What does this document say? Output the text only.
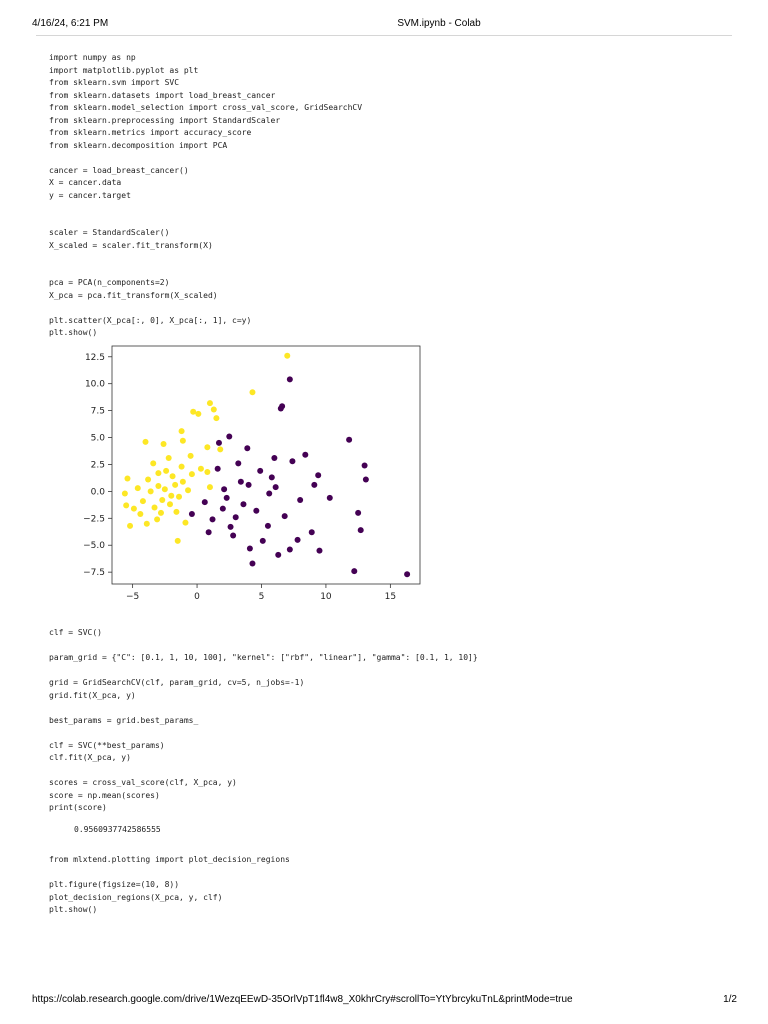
4/16/24, 6:21 PM	SVM.ipynb - Colab
import numpy as np
import matplotlib.pyplot as plt
from sklearn.svm import SVC
from sklearn.datasets import load_breast_cancer
from sklearn.model_selection import cross_val_score, GridSearchCV
from sklearn.preprocessing import StandardScaler
from sklearn.metrics import accuracy_score
from sklearn.decomposition import PCA

cancer = load_breast_cancer()
X = cancer.data
y = cancer.target

scaler = StandardScaler()
X_scaled = scaler.fit_transform(X)

pca = PCA(n_components=2)
X_pca = pca.fit_transform(X_scaled)

plt.scatter(X_pca[:, 0], X_pca[:, 1], c=y)
plt.show()
−5	0	5	10	15
−7.5
−5.0
−2.5
0.0
2.5
5.0
7.5
10.0
12.5
clf = SVC()

param_grid = {"C": [0.1, 1, 10, 100], "kernel": ["rbf", "linear"], "gamma": [0.1, 1, 10]}

grid = GridSearchCV(clf, param_grid, cv=5, n_jobs=-1)
grid.fit(X_pca, y)

best_params = grid.best_params_

clf = SVC(**best_params)
clf.fit(X_pca, y)

scores = cross_val_score(clf, X_pca, y)
score = np.mean(scores)
print(score)
0.9560937742586555
from mlxtend.plotting import plot_decision_regions

plt.figure(figsize=(10, 8))
plot_decision_regions(X_pca, y, clf)
plt.show()
https://colab.research.google.com/drive/1WezqEEwD-35OrlVpT1fl4w8_X0khrCry#scrollTo=YtYbrcykuTnL&printMode=true	1/2
